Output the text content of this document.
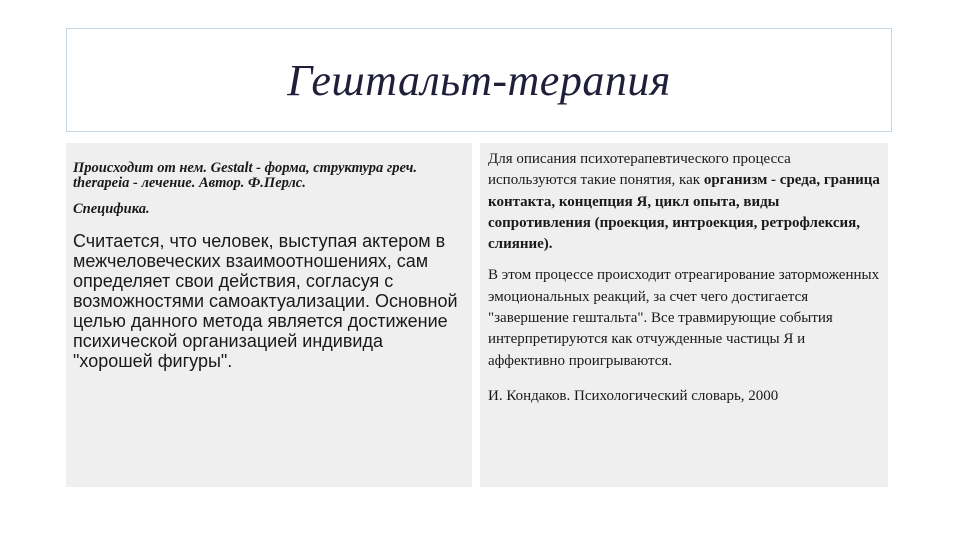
Гештальт-терапия

Происходит от нем. Gestalt - форма, структура греч. therapeia - лечение. Автор. Ф.Перлс.

Специфика.

Считается, что человек, выступая актером в межчеловеческих взаимоотношениях, сам определяет свои действия, согласуя с возможностями самоактуализации. Основной целью данного метода является достижение психической организацией индивида "хорошей фигуры".

Для описания психотерапевтического процесса используются такие понятия, как организм - среда, граница контакта, концепция Я, цикл опыта, виды сопротивления (проекция, интроекция, ретрофлексия, слияние).

В этом процессе происходит отреагирование заторможенных эмоциональных реакций, за счет чего достигается "завершение гештальта". Все травмирующие события интерпретируются как отчужденные частицы Я и аффективно проигрываются.

И. Кондаков. Психологический словарь, 2000
